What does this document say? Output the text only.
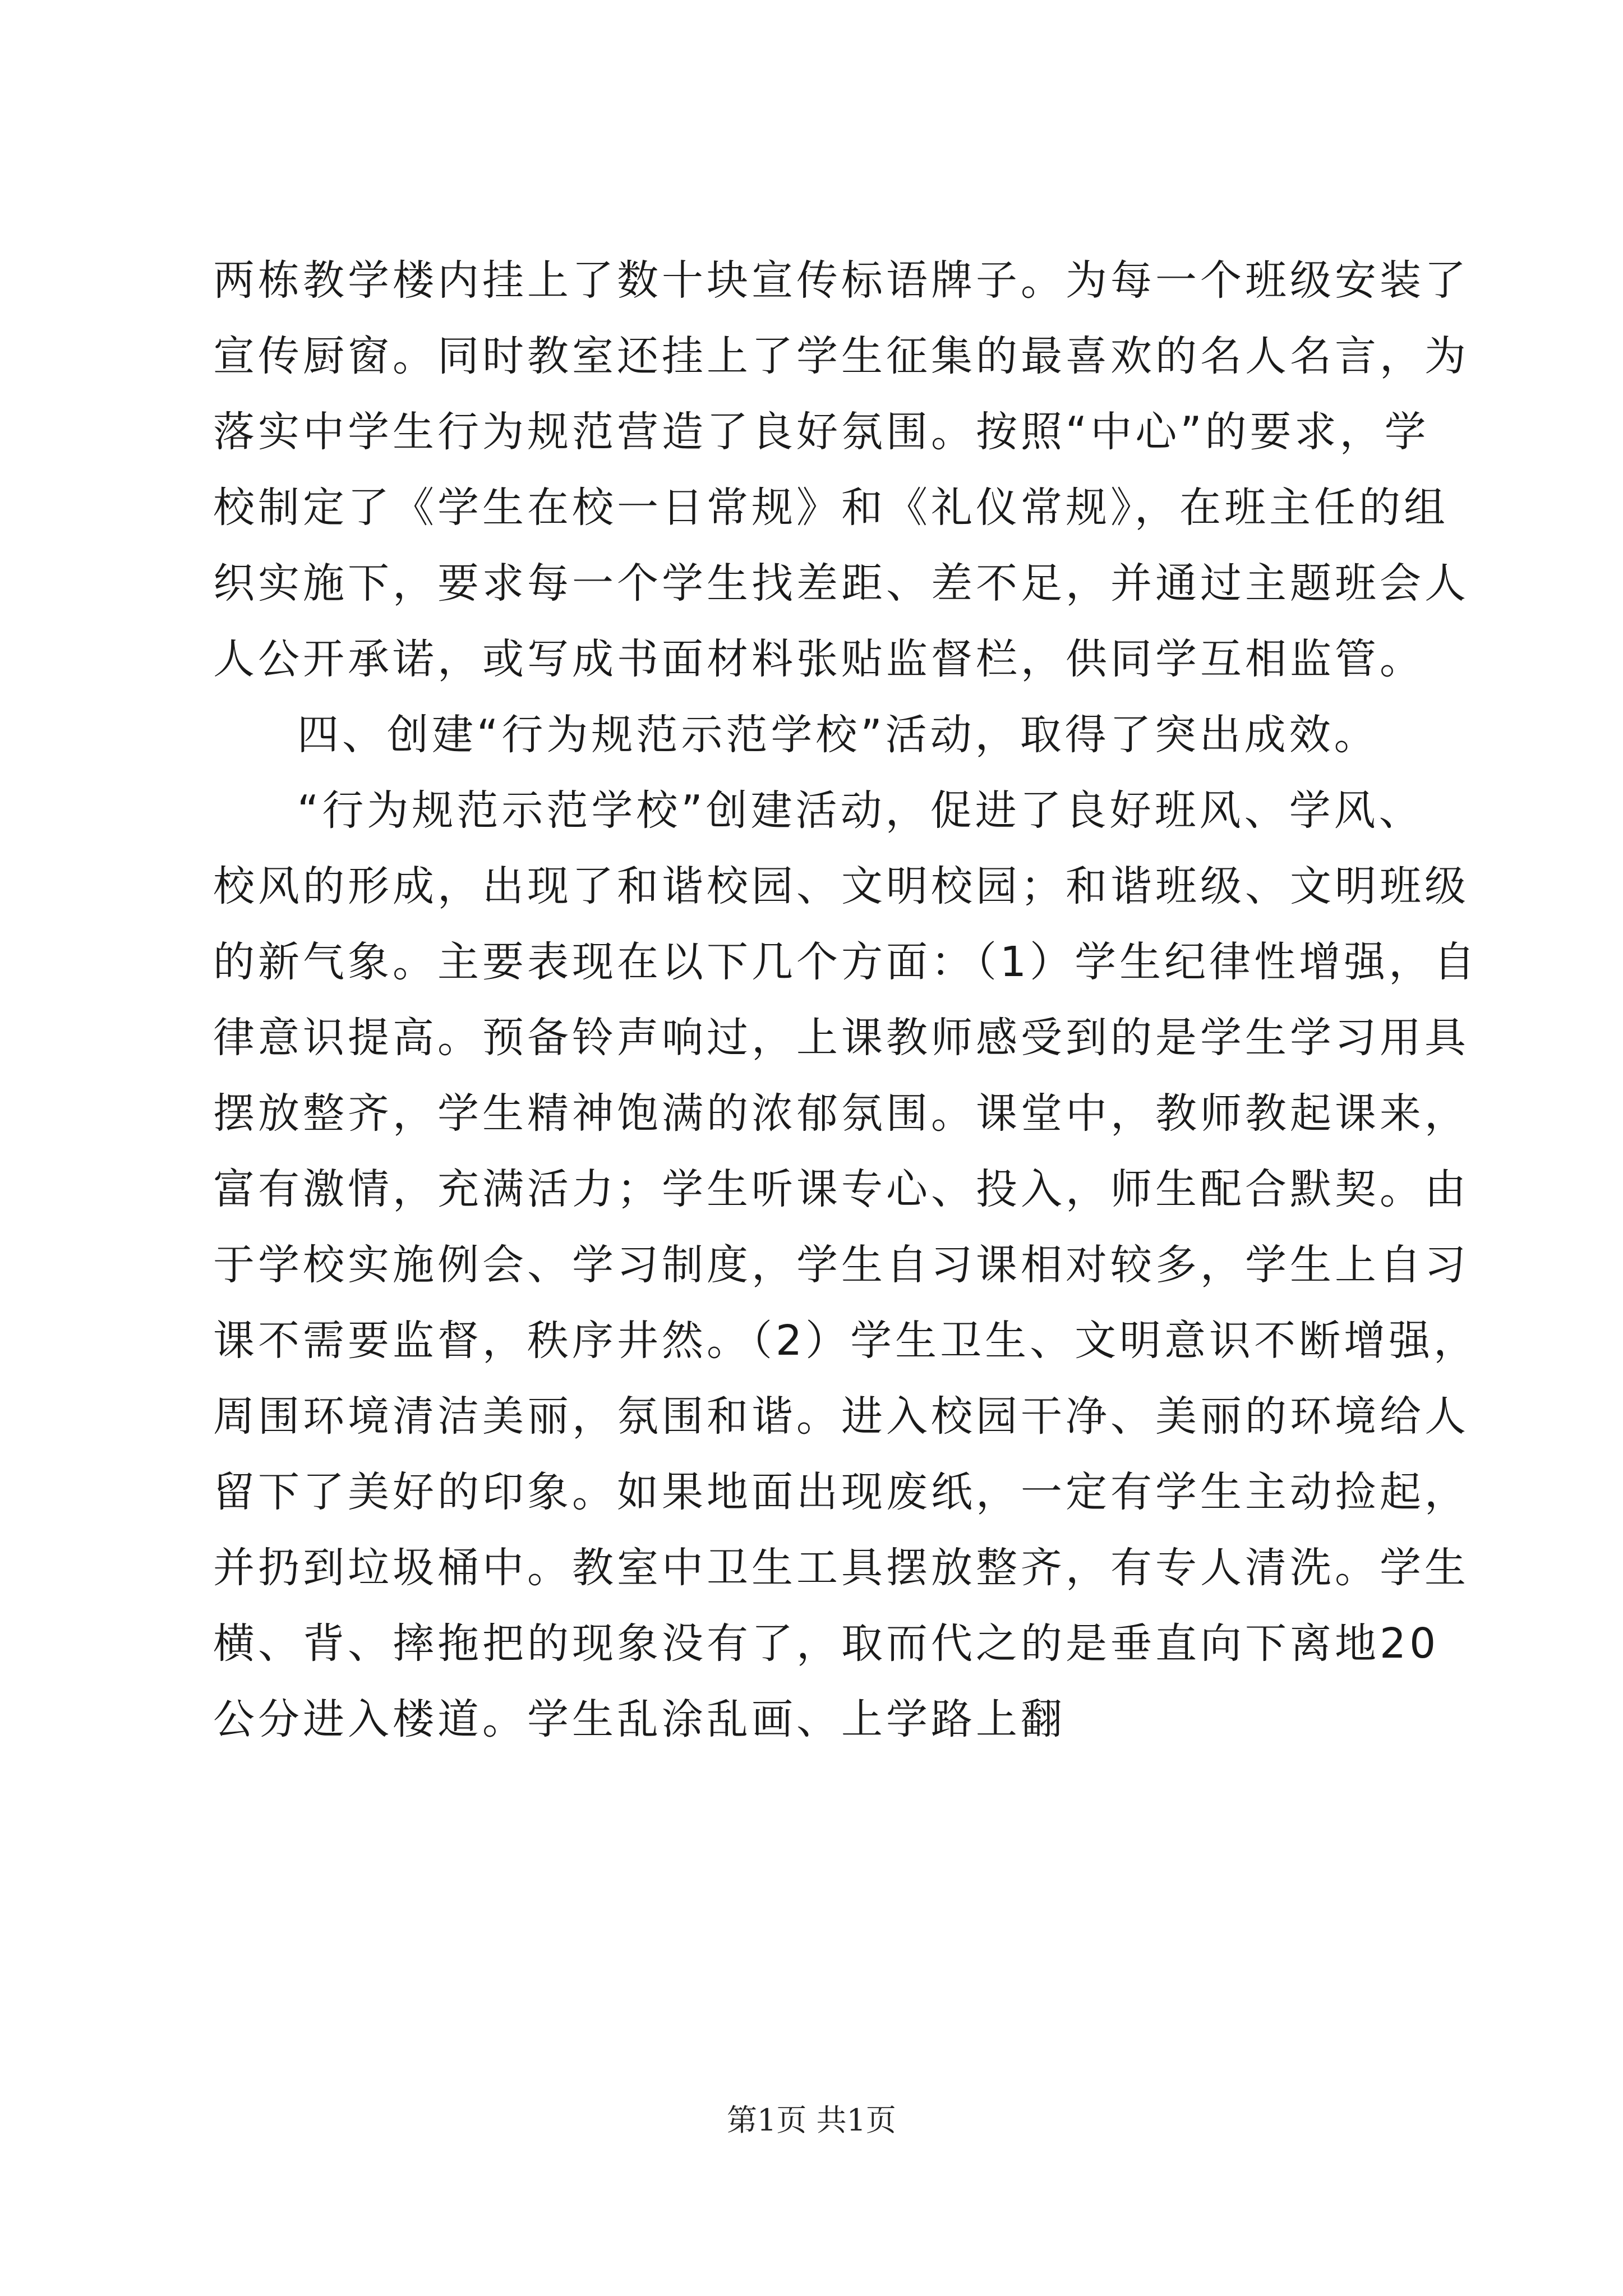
两栋教学楼内挂上了数十块宣传标语牌子。为每一个班级安装了
宣传厨窗。同时教室还挂上了学生征集的最喜欢的名人名言，为
落实中学生行为规范营造了良好氛围。按照“中心”的要求，学
校制定了《学生在校一日常规》和《礼仪常规》，在班主任的组
织实施下，要求每一个学生找差距、差不足，并通过主题班会人
人公开承诺，或写成书面材料张贴监督栏，供同学互相监管。
四、创建“行为规范示范学校”活动，取得了突出成效。
“行为规范示范学校”创建活动，促进了良好班风、学风、
校风的形成，出现了和谐校园、文明校园；和谐班级、文明班级
的新气象。主要表现在以下几个方面：（1）学生纪律性增强，自
律意识提高。预备铃声响过，上课教师感受到的是学生学习用具
摆放整齐，学生精神饱满的浓郁氛围。课堂中，教师教起课来，
富有激情，充满活力；学生听课专心、投入，师生配合默契。由
于学校实施例会、学习制度，学生自习课相对较多，学生上自习
课不需要监督，秩序井然。（2）学生卫生、文明意识不断增强，
周围环境清洁美丽，氛围和谐。进入校园干净、美丽的环境给人
留下了美好的印象。如果地面出现废纸，一定有学生主动捡起，
并扔到垃圾桶中。教室中卫生工具摆放整齐，有专人清洗。学生
横、背、摔拖把的现象没有了，取而代之的是垂直向下离地20
公分进入楼道。学生乱涂乱画、上学路上翻
第1页 共1页
